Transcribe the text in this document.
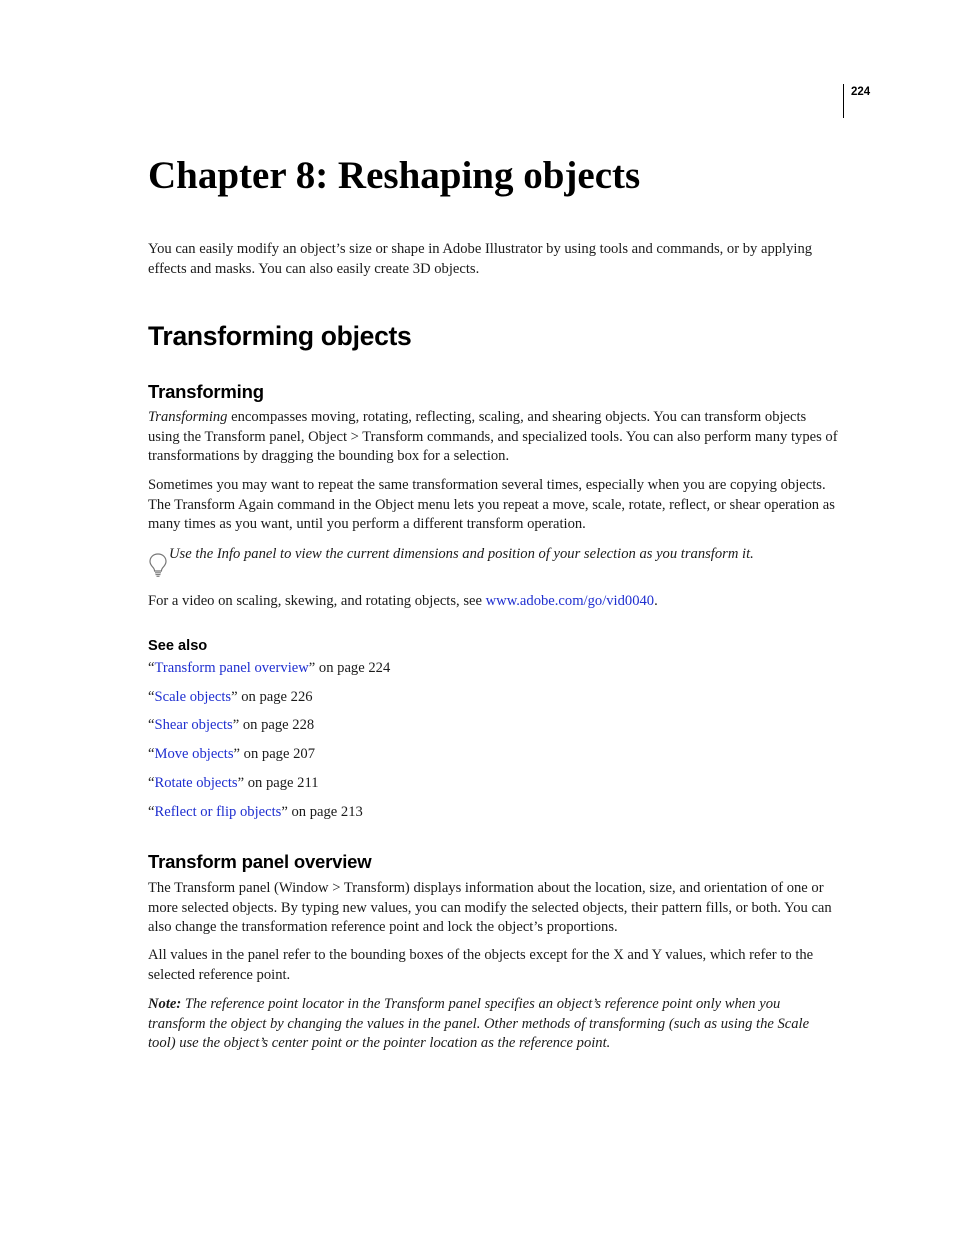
224
Chapter 8: Reshaping objects

You can easily modify an object’s size or shape in Adobe Illustrator by using tools and commands, or by applying effects and masks. You can also easily create 3D objects.

Transforming objects
Transforming

Transforming encompasses moving, rotating, reflecting, scaling, and shearing objects. You can transform objects using the Transform panel, Object > Transform commands, and specialized tools. You can also perform many types of transformations by dragging the bounding box for a selection.

Sometimes you may want to repeat the same transformation several times, especially when you are copying objects. The Transform Again command in the Object menu lets you repeat a move, scale, rotate, reflect, or shear operation as many times as you want, until you perform a different transform operation.

Use the Info panel to view the current dimensions and position of your selection as you transform it.

For a video on scaling, skewing, and rotating objects, see www.adobe.com/go/vid0040.

See also

“Transform panel overview” on page 224

“Scale objects” on page 226

“Shear objects” on page 228

“Move objects” on page 207

“Rotate objects” on page 211

“Reflect or flip objects” on page 213

Transform panel overview

The Transform panel (Window > Transform) displays information about the location, size, and orientation of one or more selected objects. By typing new values, you can modify the selected objects, their pattern fills, or both. You can also change the transformation reference point and lock the object’s proportions.

All values in the panel refer to the bounding boxes of the objects except for the X and Y values, which refer to the selected reference point.

Note: The reference point locator in the Transform panel specifies an object’s reference point only when you transform the object by changing the values in the panel. Other methods of transforming (such as using the Scale tool) use the object’s center point or the pointer location as the reference point.
